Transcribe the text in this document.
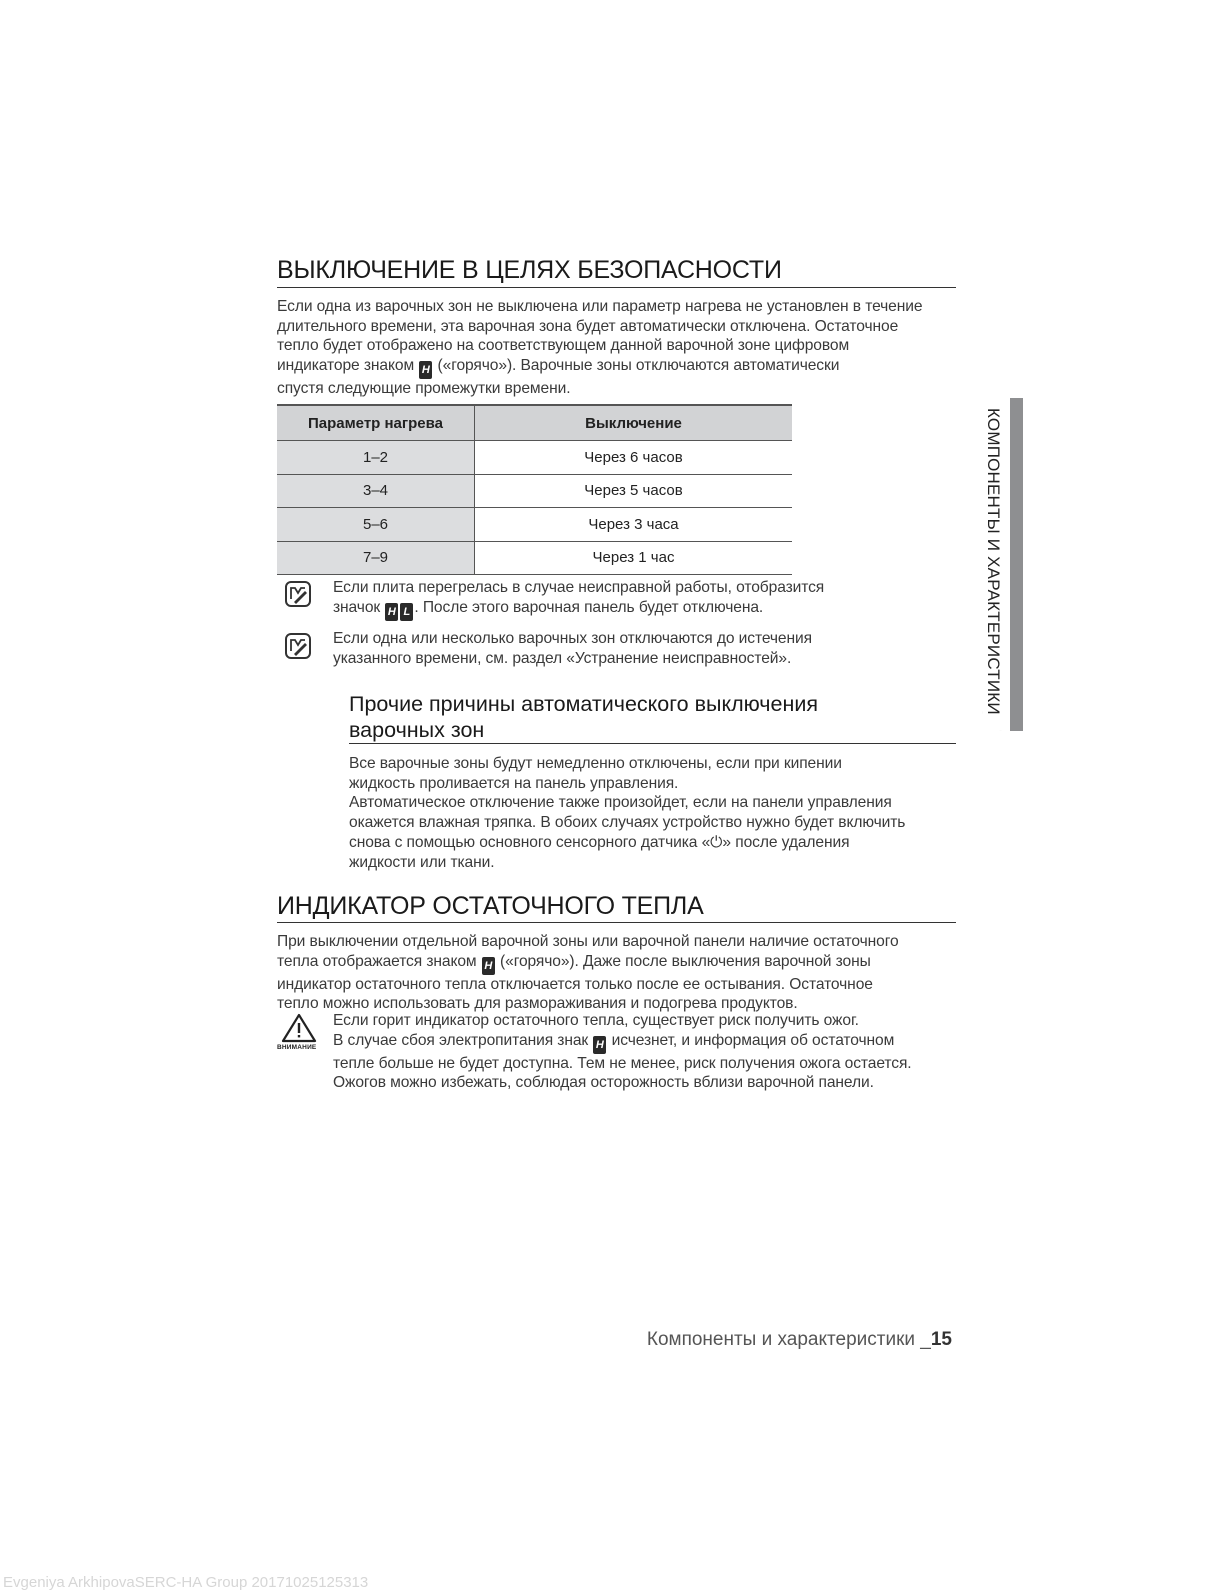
ВЫКЛЮЧЕНИЕ В ЦЕЛЯХ БЕЗОПАСНОСТИ
Если одна из варочных зон не выключена или параметр нагрева не установлен в течение
длительного времени, эта варочная зона будет автоматически отключена. Остаточное
тепло будет отображено на соответствующем данной варочной зоне цифровом
индикаторе знаком H («горячо»). Варочные зоны отключаются автоматически
спустя следующие промежутки времени.
Параметр нагрева	Выключение
1–2	Через 6 часов
3–4	Через 5 часов
5–6	Через 3 часа
7–9	Через 1 час
Если плита перегрелась в случае неисправной работы, отобразится
значок H L . После этого варочная панель будет отключена.
Если одна или несколько варочных зон отключаются до истечения
указанного времени, см. раздел «Устранение неисправностей».
Прочие причины автоматического выключения
варочных зон
Все варочные зоны будут немедленно отключены, если при кипении
жидкость проливается на панель управления.
Автоматическое отключение также произойдет, если на панели управления
окажется влажная тряпка. В обоих случаях устройство нужно будет включить
снова с помощью основного сенсорного датчика «⏻» после удаления
жидкости или ткани.
ИНДИКАТОР ОСТАТОЧНОГО ТЕПЛА
При выключении отдельной варочной зоны или варочной панели наличие остаточного
тепла отображается знаком H («горячо»). Даже после выключения варочной зоны
индикатор остаточного тепла отключается только после ее остывания. Остаточное
тепло можно использовать для размораживания и подогрева продуктов.
ВНИМАНИЕ
Если горит индикатор остаточного тепла, существует риск получить ожог.
В случае сбоя электропитания знак H исчезнет, и информация об остаточном
тепле больше не будет доступна. Тем не менее, риск получения ожога остается.
Ожогов можно избежать, соблюдая осторожность вблизи варочной панели.
КОМПОНЕНТЫ И ХАРАКТЕРИСТИКИ
Компоненты и характеристики _15
Evgeniya ArkhipovaSERC-HA Group 20171025125313
